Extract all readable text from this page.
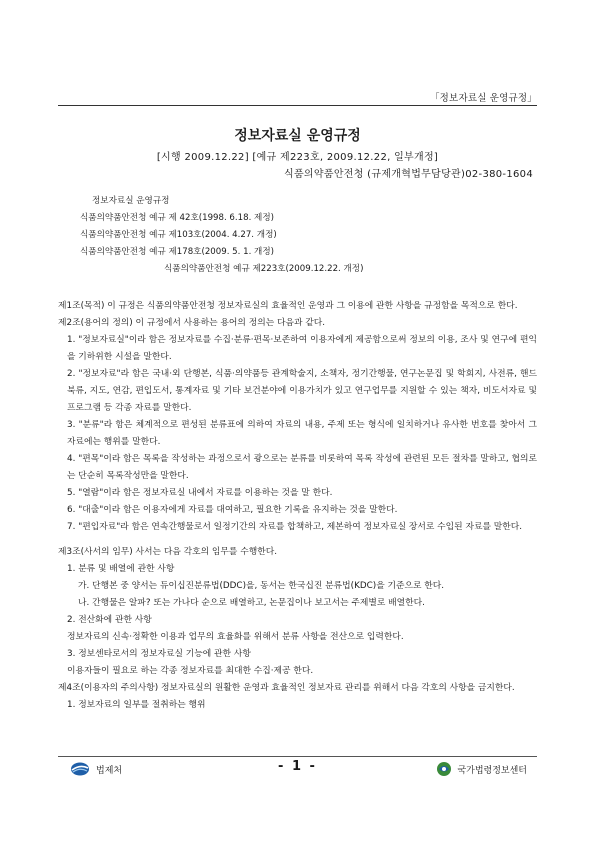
「정보자료실 운영규정」
정보자료실 운영규정
[시행 2009.12.22] [예규 제223호, 2009.12.22, 일부개정]
식품의약품안전청 (규제개혁법무담당관)02-380-1604
정보자료실 운영규정
식품의약품안전청 예규 제 42호(1998. 6.18. 제정)
식품의약품안전청 예규 제103호(2004. 4.27. 개정)
식품의약품안전청 예규 제178호(2009. 5. 1. 개정)
식품의약품안전청 예규 제223호(2009.12.22. 개정)

제1조(목적) 이 규정은 식품의약품안전청 정보자료실의 효율적인 운영과 그 이용에 관한 사항을 규정함을 목적으로 한다.

제2조(용어의 정의) 이 규정에서 사용하는 용어의 정의는 다음과 같다.

1. "정보자료실"이라 함은 정보자료를 수집·분류·편목·보존하여 이용자에게 제공함으로써 정보의 이용, 조사 및 연구에 편익을 기하위한 시설을 말한다.

2. "정보자료"라 함은 국내·외 단행본, 식품·의약품등 관계학술지, 소책자, 정기간행물, 연구논문집 및 학회지, 사전류, 핸드북류, 지도, 연감, 편입도서, 통계자료 및 기타 보건분야에 이용가치가 있고 연구업무를 지원할 수 있는 책자, 비도서자료 및 프로그램 등 각종 자료를 말한다.

3. "분류"라 함은 체계적으로 편성된 분류표에 의하여 자료의 내용, 주제 또는 형식에 일치하거나 유사한 번호를 찾아서 그 자료에는 행위를 말한다.

4. "편목"이라 함은 목록을 작성하는 과정으로서 광으로는 분류를 비롯하여 목록 작성에 관련된 모든 절차를 말하고, 협의로는 단순히 목록작성만을 말한다.

5. "열람"이라 함은 정보자료실 내에서 자료를 이용하는 것을 말 한다.

6. "대출"이라 함은 이용자에게 자료를 대여하고, 필요한 기록을 유지하는 것을 말한다.

7. "편입자료"라 함은 연속간행물로서 일정기간의 자료를 합책하고, 제본하여 정보자료실 장서로 수입된 자료를 말한다.

제3조(사서의 임무) 사서는 다음 각호의 임무를 수행한다.

1. 분류 및 배열에 관한 사항

가. 단행본 중 양서는 듀이십진분류법(DDC)을, 동서는 한국십진 분류법(KDC)을 기준으로 한다.

나. 간행물은 알파? 또는 가나다 순으로 배열하고, 논문집이나 보고서는 주제별로 배열한다.

2. 전산화에 관한 사항

정보자료의 신속·정확한 이용과 업무의 효율화를 위해서 분류 사항을 전산으로 입력한다.

3. 정보센타로서의 정보자료실 기능에 관한 사항

이용자들이 필요로 하는 각종 정보자료를 최대한 수집·제공 한다.

제4조(이용자의 주의사항) 정보자료실의 원활한 운영과 효율적인 정보자료 관리를 위해서 다음 각호의 사항을 금지한다.

1. 정보자료의 일부를 절취하는 행위

법제처	- 1 -	국가법령정보센터
